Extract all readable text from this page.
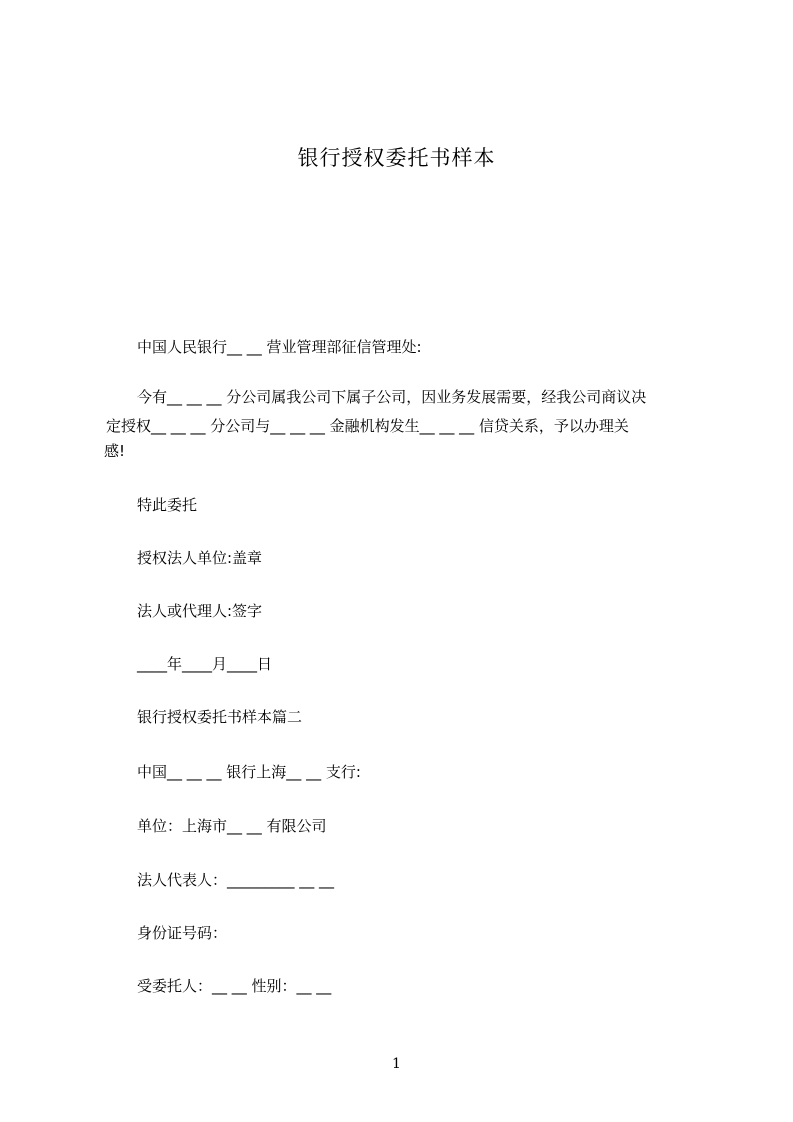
银行授权委托书样本
中国人民银行__ __ 营业管理部征信管理处:
今有__ __ __ 分公司属我公司下属子公司，因业务发展需要，经我公司商议决
定授权__ __ __ 分公司与__ __ __ 金融机构发生__ __ __ 信贷关系，予以办理关
感!
特此委托
授权法人单位:盖章
法人或代理人:签字
____年____月____日
银行授权委托书样本篇二
中国__ __ __ 银行上海__ __ 支行:
单位：上海市__ __ 有限公司
法人代表人：_________ __ __
身份证号码：
受委托人：__ __ 性别：__ __
1
